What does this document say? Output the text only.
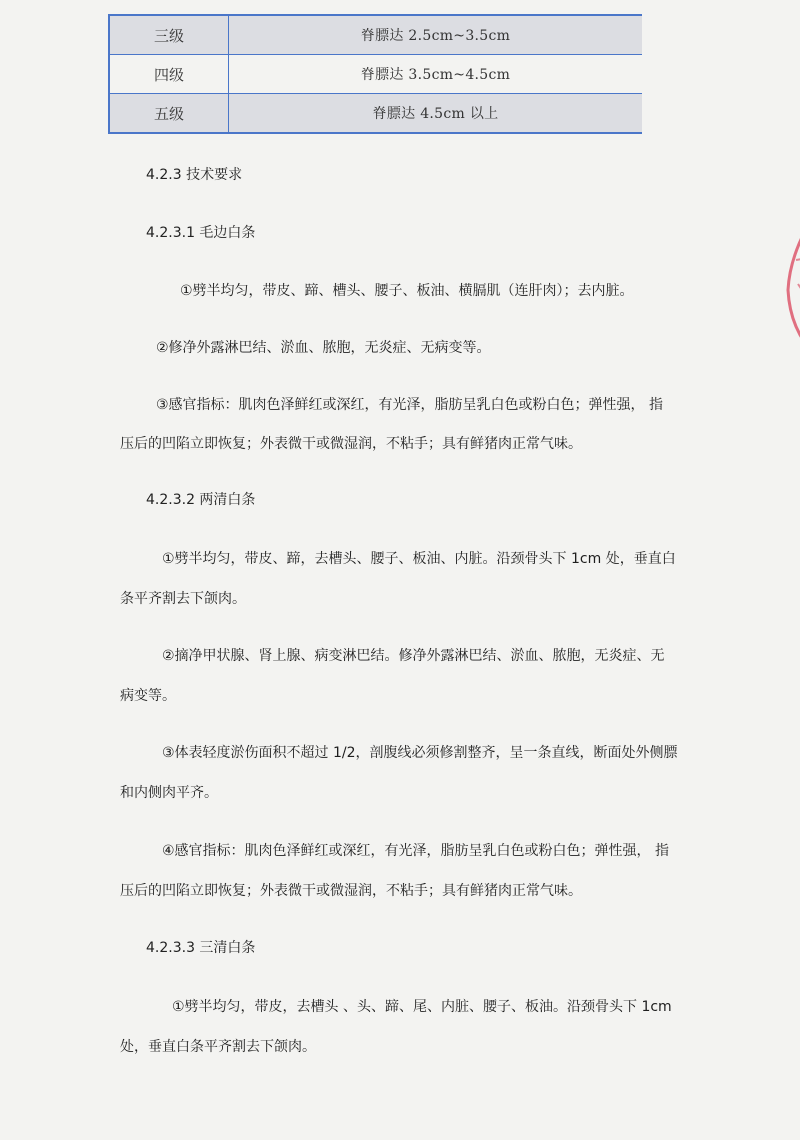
三级	脊膘达 2.5cm~3.5cm
四级	脊膘达 3.5cm~4.5cm
五级	脊膘达 4.5cm 以上
4.2.3 技术要求
4.2.3.1 毛边白条
①劈半均匀，带皮、蹄、槽头、腰子、板油、横膈肌（连肝肉）；去内脏。
②修净外露淋巴结、淤血、脓胞，无炎症、无病变等。
③感官指标：肌肉色泽鲜红或深红，有光泽，脂肪呈乳白色或粉白色；弹性强， 指
压后的凹陷立即恢复；外表微干或微湿润，不粘手；具有鲜猪肉正常气味。
4.2.3.2 两清白条
①劈半均匀，带皮、蹄，去槽头、腰子、板油、内脏。沿颈骨头下 1cm 处，垂直白
条平齐割去下颌肉。
②摘净甲状腺、肾上腺、病变淋巴结。修净外露淋巴结、淤血、脓胞，无炎症、无
病变等。
③体表轻度淤伤面积不超过 1/2，剖腹线必须修割整齐，呈一条直线，断面处外侧膘
和内侧肉平齐。
④感官指标：肌肉色泽鲜红或深红，有光泽，脂肪呈乳白色或粉白色；弹性强， 指
压后的凹陷立即恢复；外表微干或微湿润，不粘手；具有鲜猪肉正常气味。
4.2.3.3 三清白条
①劈半均匀，带皮，去槽头 、头、蹄、尾、内脏、腰子、板油。沿颈骨头下 1cm
处，垂直白条平齐割去下颌肉。
